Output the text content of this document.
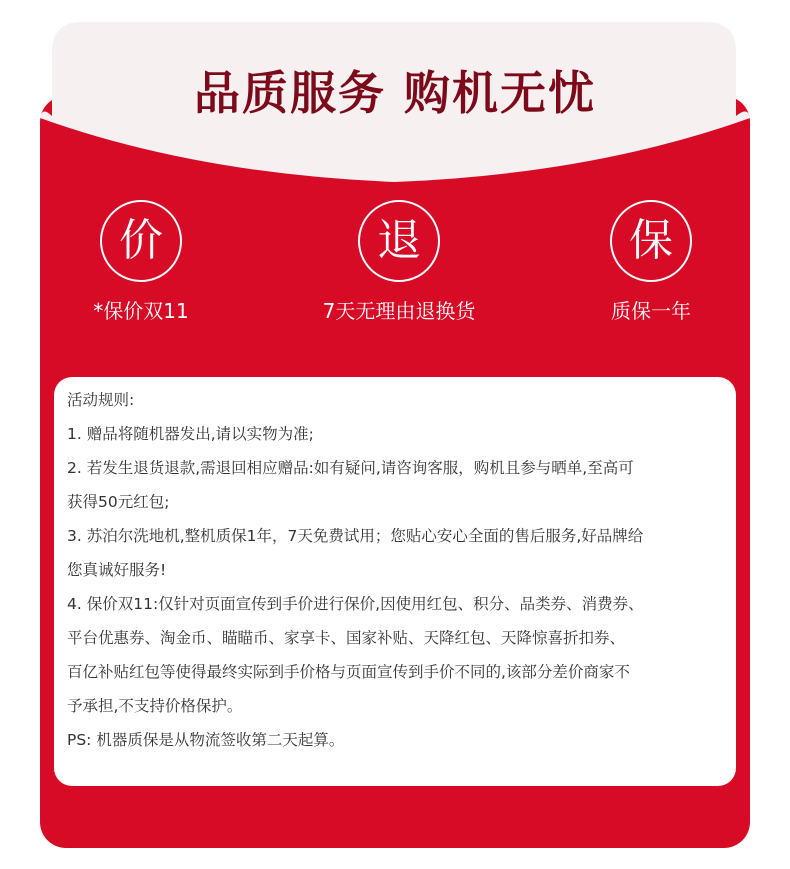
品质服务 购机无忧
价
*保价双11
退
7天无理由退换货
保
质保一年
活动规则:
1. 赠品将随机器发出,请以实物为准;
2. 若发生退货退款,需退回相应赠品:如有疑问,请咨询客服，购机且参与晒单,至高可
获得50元红包;
3. 苏泊尔洗地机,整机质保1年，7天免费试用；您贴心安心全面的售后服务,好品牌给
您真诚好服务!
4. 保价双11:仅针对页面宣传到手价进行保价,因使用红包、积分、品类券、消费券、
平台优惠券、淘金币、瞄瞄币、家享卡、国家补贴、天降红包、天降惊喜折扣券、
百亿补贴红包等使得最终实际到手价格与页面宣传到手价不同的,该部分差价商家不
予承担,不支持价格保护。
PS: 机器质保是从物流签收第二天起算。
